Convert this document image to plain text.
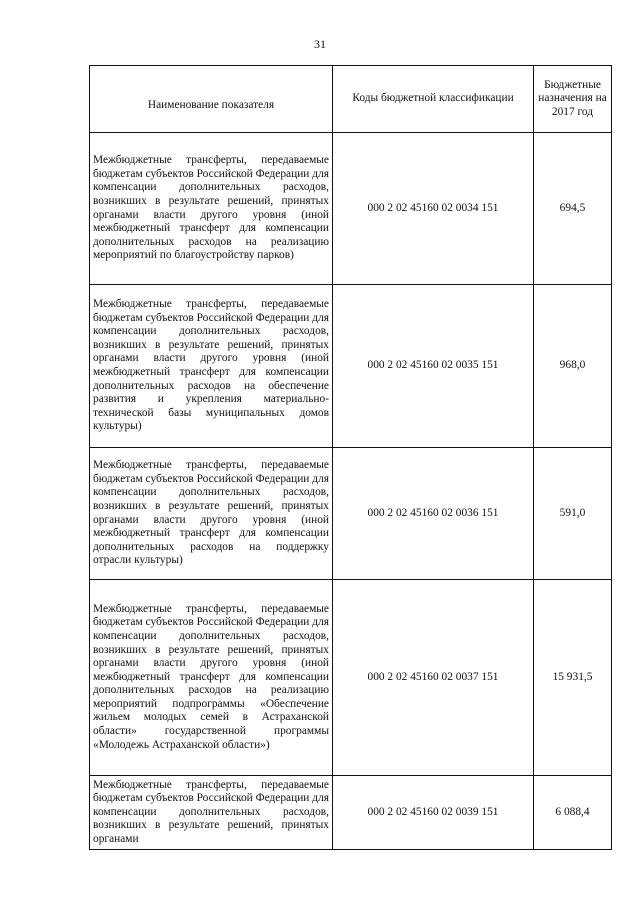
31
Наименование показателя	Коды бюджетной классификации	Бюджетные назначения на 2017 год
Межбюджетные трансферты, передаваемые бюджетам субъектов Российской Федерации для компенсации дополнительных расходов, возникших в результате решений, принятых органами власти другого уровня (иной межбюджетный трансферт для компенсации дополнительных расходов на реализацию мероприятий по благоустройству парков)	000 2 02 45160 02 0034 151	694,5
Межбюджетные трансферты, передаваемые бюджетам субъектов Российской Федерации для компенсации дополнительных расходов, возникших в результате решений, принятых органами власти другого уровня (иной межбюджетный трансферт для компенсации дополнительных расходов на обеспечение развития и укрепления материально-технической базы муниципальных домов культуры)	000 2 02 45160 02 0035 151	968,0
Межбюджетные трансферты, передаваемые бюджетам субъектов Российской Федерации для компенсации дополнительных расходов, возникших в результате решений, принятых органами власти другого уровня (иной межбюджетный трансферт для компенсации дополнительных расходов на поддержку отрасли культуры)	000 2 02 45160 02 0036 151	591,0
Межбюджетные трансферты, передаваемые бюджетам субъектов Российской Федерации для компенсации дополнительных расходов, возникших в результате решений, принятых органами власти другого уровня (иной межбюджетный трансферт для компенсации дополнительных расходов на реализацию мероприятий подпрограммы «Обеспечение жильем молодых семей в Астраханской области» государственной программы «Молодежь Астраханской области»)	000 2 02 45160 02 0037 151	15 931,5
Межбюджетные трансферты, передаваемые бюджетам субъектов Российской Федерации для компенсации дополнительных расходов, возникших в результате решений, принятых органами	000 2 02 45160 02 0039 151	6 088,4
